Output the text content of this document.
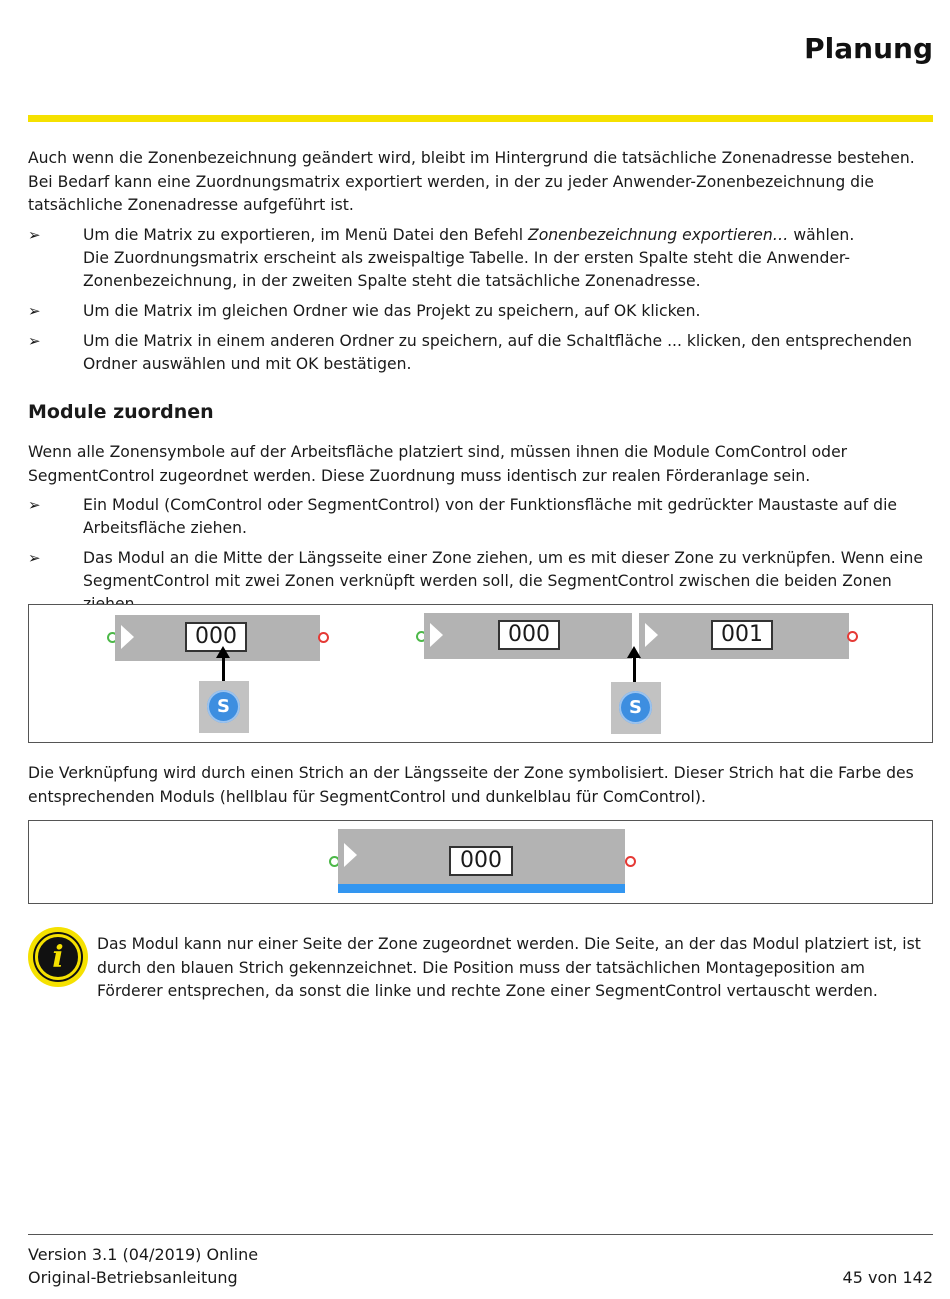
Planung

Auch wenn die Zonenbezeichnung geändert wird, bleibt im Hintergrund die tatsächliche Zonenadresse bestehen. Bei Bedarf kann eine Zuordnungsmatrix exportiert werden, in der zu jeder Anwender-Zonenbezeichnung die tatsächliche Zonenadresse aufgeführt ist.

➢	Um die Matrix zu exportieren, im Menü Datei den Befehl Zonenbezeichnung exportieren… wählen.
Die Zuordnungsmatrix erscheint als zweispaltige Tabelle. In der ersten Spalte steht die Anwender-Zonenbezeichnung, in der zweiten Spalte steht die tatsächliche Zonenadresse.
➢	Um die Matrix im gleichen Ordner wie das Projekt zu speichern, auf OK klicken.
➢	Um die Matrix in einem anderen Ordner zu speichern, auf die Schaltfläche ... klicken, den entsprechenden Ordner auswählen und mit OK bestätigen.
Module zuordnen

Wenn alle Zonensymbole auf der Arbeitsfläche platziert sind, müssen ihnen die Module ComControl oder SegmentControl zugeordnet werden. Diese Zuordnung muss identisch zur realen Förderanlage sein.

➢	Ein Modul (ComControl oder SegmentControl) von der Funktionsfläche mit gedrückter Maustaste auf die Arbeitsfläche ziehen.
➢	Das Modul an die Mitte der Längsseite einer Zone ziehen, um es mit dieser Zone zu verknüpfen. Wenn eine SegmentControl mit zwei Zonen verknüpft werden soll, die SegmentControl zwischen die beiden Zonen
000
S
000	001
S

Die Verknüpfung wird durch einen Strich an der Längsseite der Zone symbolisiert. Dieser Strich hat die Farbe des entsprechenden Moduls (hellblau für SegmentControl und dunkelblau für ComControl).

000
i	Das Modul kann nur einer Seite der Zone zugeordnet werden. Die Seite, an der das Modul platziert ist, ist durch den blauen Strich gekennzeichnet. Die Position muss der tatsächlichen Montageposition am Förderer entsprechen, da sonst die linke und rechte Zone einer SegmentControl vertauscht werden.

Version 3.1 (04/2019) Online
Original-Betriebsanleitung	45 von 142
